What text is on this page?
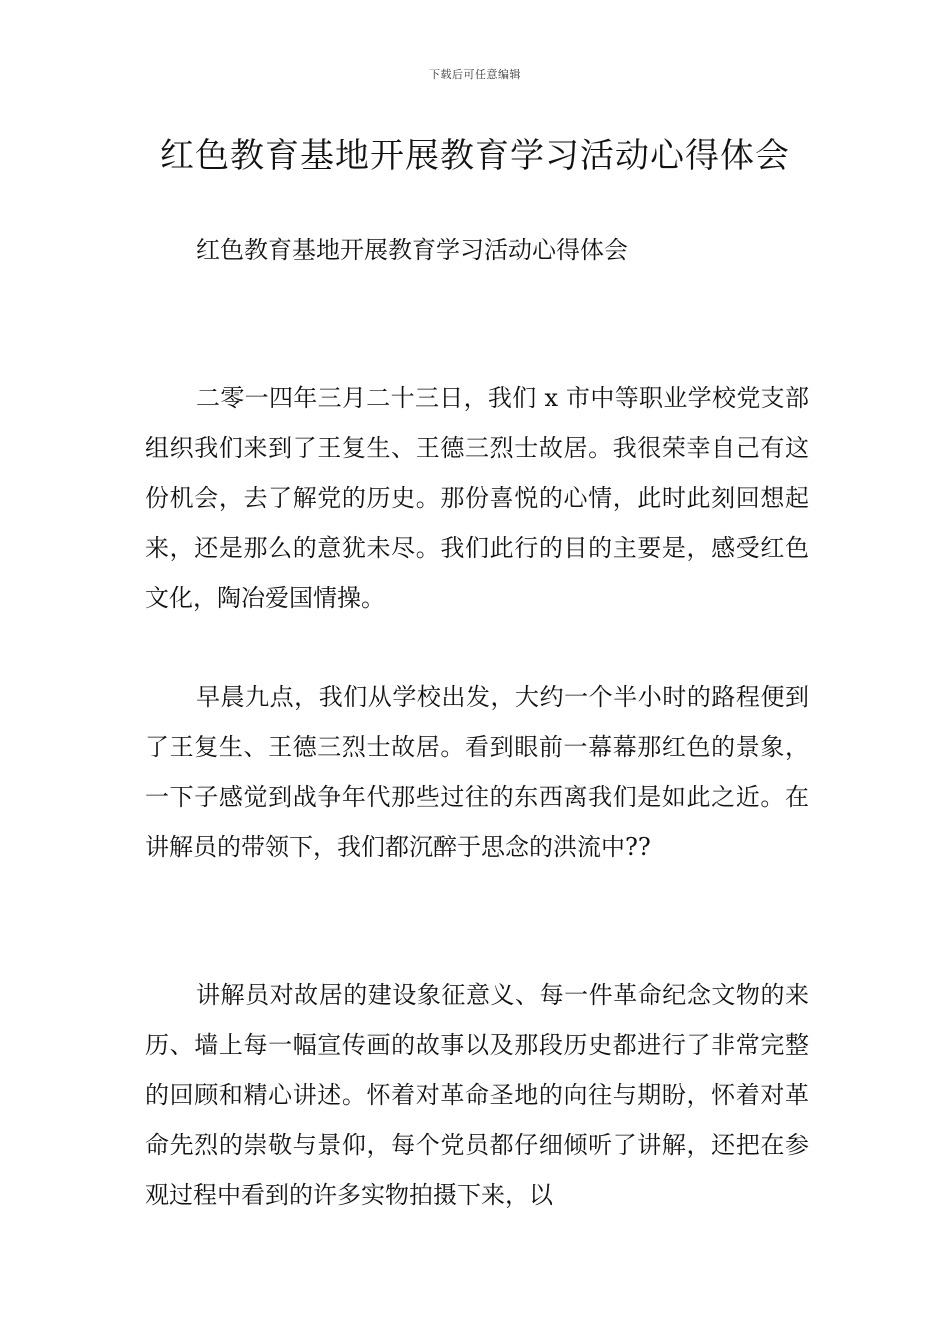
下载后可任意编辑
红色教育基地开展教育学习活动心得体会

红色教育基地开展教育学习活动心得体会

二零一四年三月二十三日，我们 x 市中等职业学校党支部组织我们来到了王复生、王德三烈士故居。我很荣幸自己有这份机会，去了解党的历史。那份喜悦的心情，此时此刻回想起来，还是那么的意犹未尽。我们此行的目的主要是，感受红色文化，陶冶爱国情操。

早晨九点，我们从学校出发，大约一个半小时的路程便到了王复生、王德三烈士故居。看到眼前一幕幕那红色的景象，一下子感觉到战争年代那些过往的东西离我们是如此之近。在讲解员的带领下，我们都沉醉于思念的洪流中??

讲解员对故居的建设象征意义、每一件革命纪念文物的来历、墙上每一幅宣传画的故事以及那段历史都进行了非常完整的回顾和精心讲述。怀着对革命圣地的向往与期盼，怀着对革命先烈的崇敬与景仰，每个党员都仔细倾听了讲解，还把在参观过程中看到的许多实物拍摄下来，以
